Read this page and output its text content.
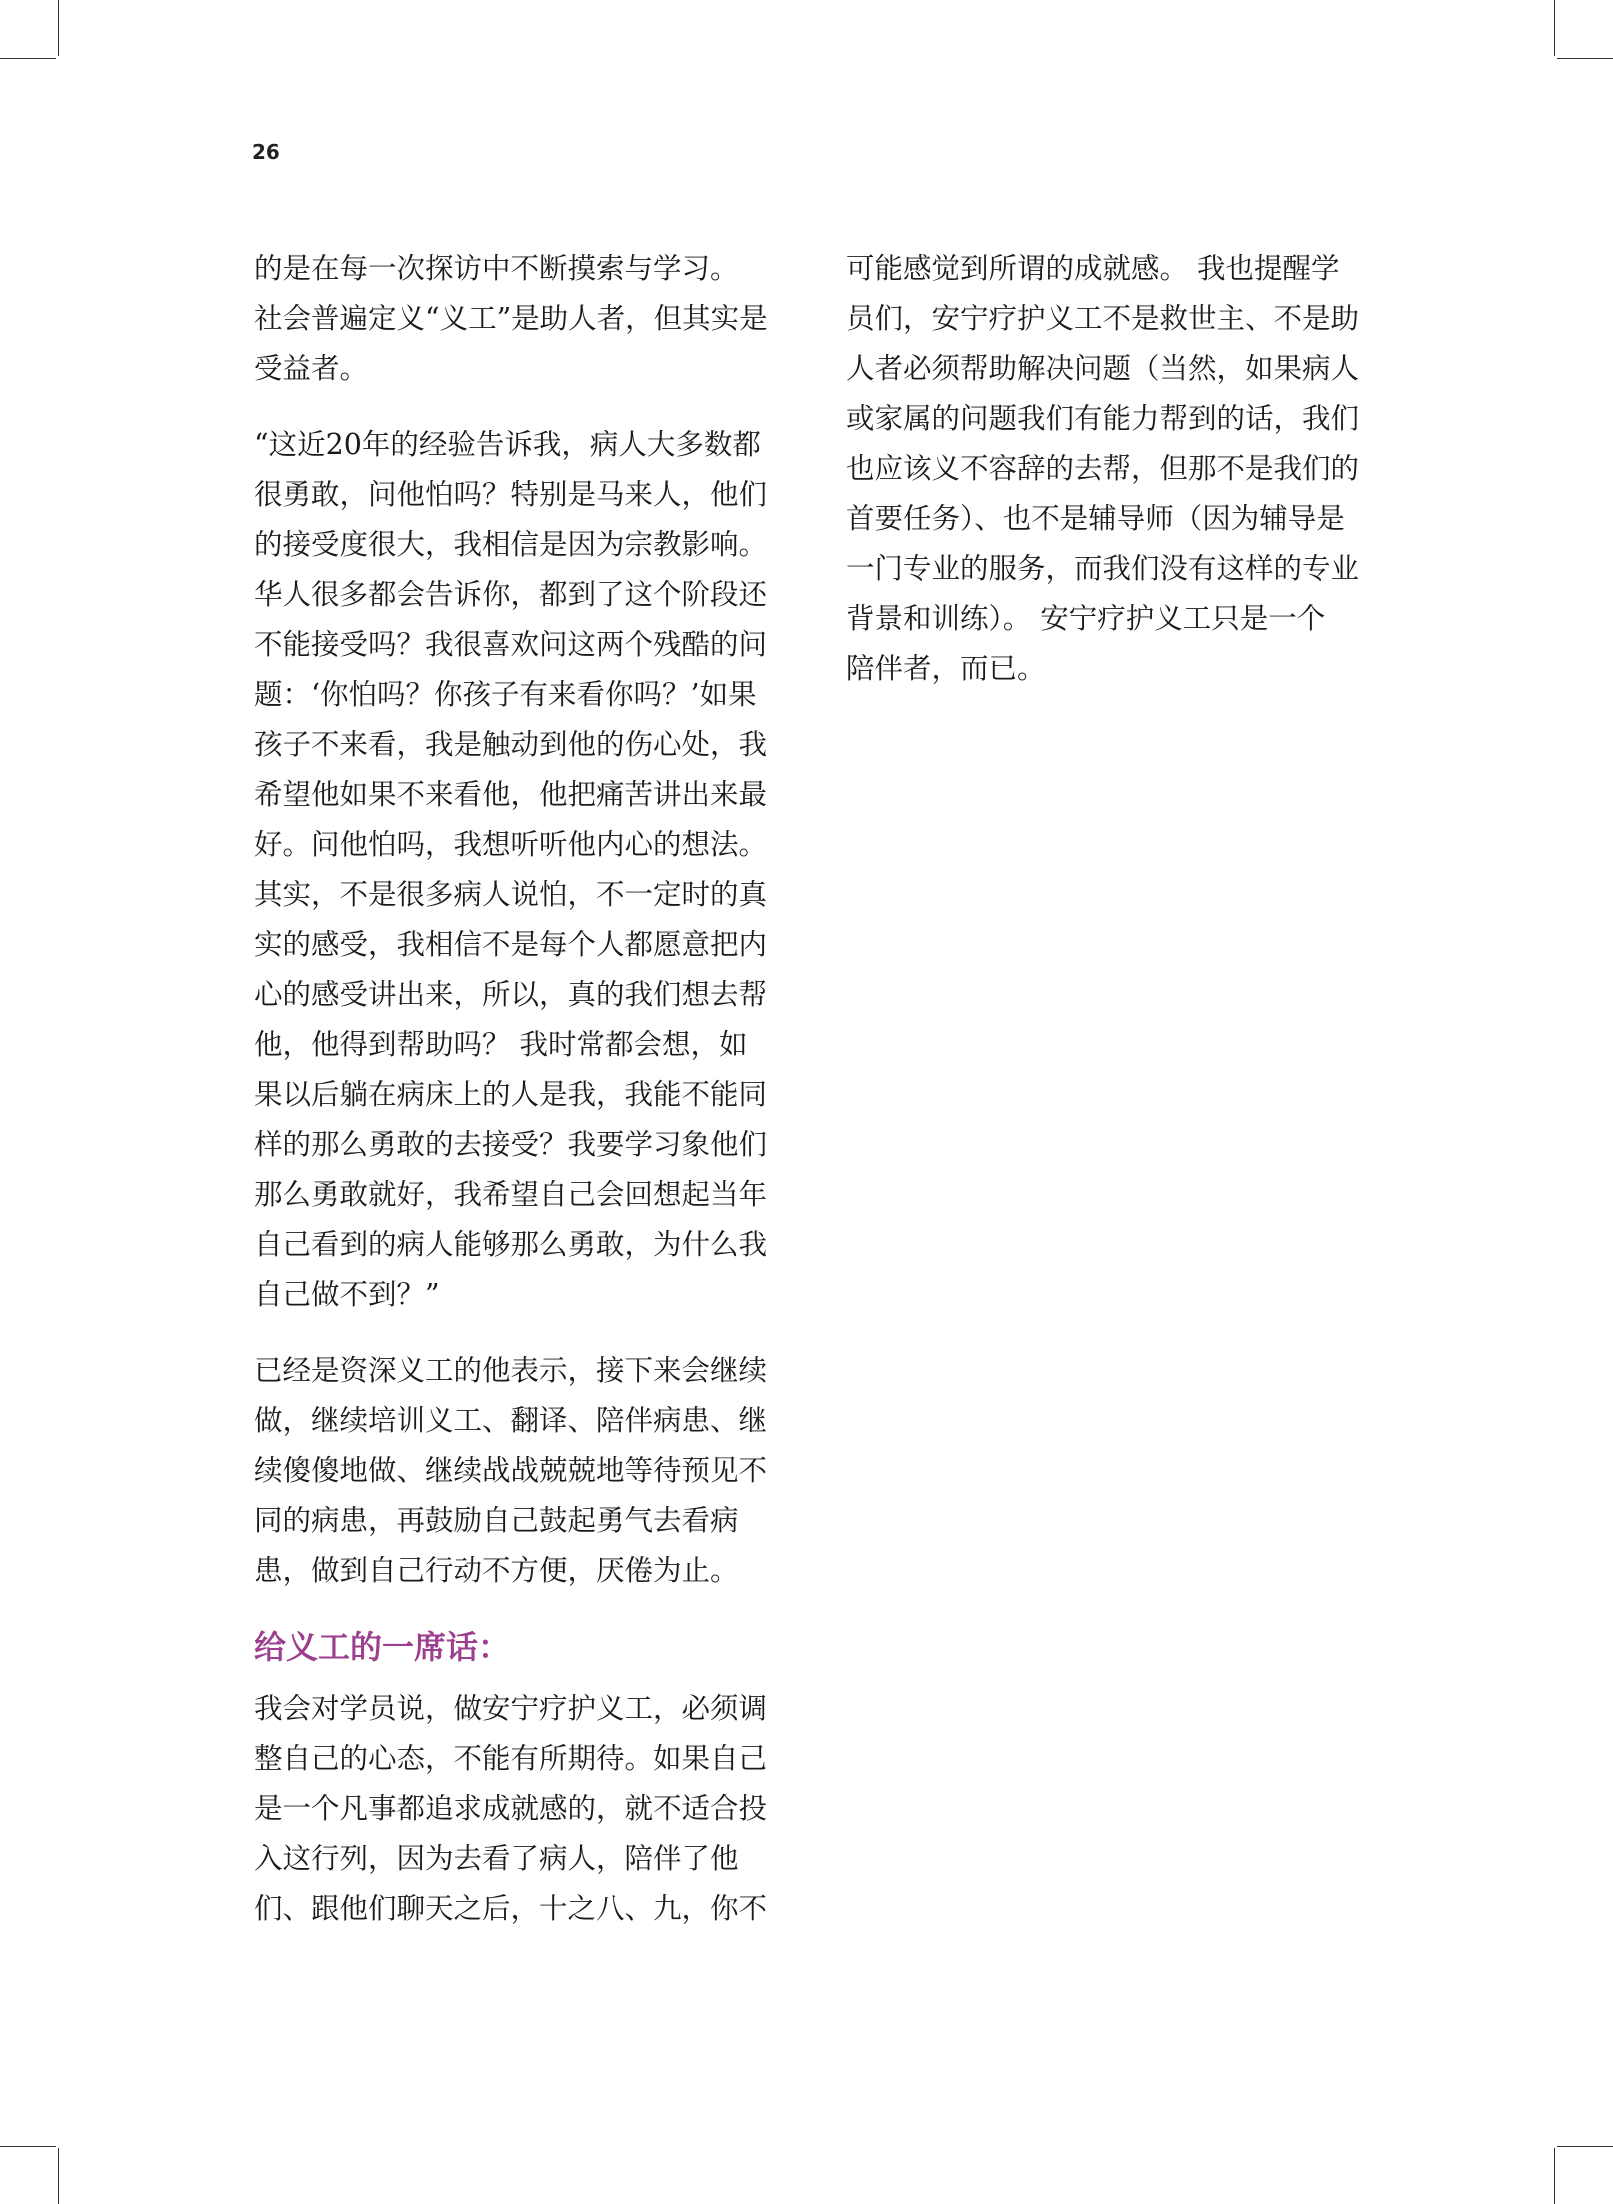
26
的是在每一次探访中不断摸索与学习。
社会普遍定义“义工”是助人者，但其实是
受益者。
“这近20年的经验告诉我，病人大多数都
很勇敢，问他怕吗？特别是马来人，他们
的接受度很大，我相信是因为宗教影响。
华人很多都会告诉你，都到了这个阶段还
不能接受吗？我很喜欢问这两个残酷的问
题：‘你怕吗？你孩子有来看你吗？’如果
孩子不来看，我是触动到他的伤心处，我
希望他如果不来看他，他把痛苦讲出来最
好。问他怕吗，我想听听他内心的想法。
其实，不是很多病人说怕，不一定时的真
实的感受，我相信不是每个人都愿意把内
心的感受讲出来，所以，真的我们想去帮
他，他得到帮助吗？ 我时常都会想，如
果以后躺在病床上的人是我，我能不能同
样的那么勇敢的去接受？我要学习象他们
那么勇敢就好，我希望自己会回想起当年
自己看到的病人能够那么勇敢，为什么我
自己做不到？”
已经是资深义工的他表示，接下来会继续
做，继续培训义工、翻译、陪伴病患、继
续傻傻地做、继续战战兢兢地等待预见不
同的病患，再鼓励自己鼓起勇气去看病
患，做到自己行动不方便，厌倦为止。
给义工的一席话：
我会对学员说，做安宁疗护义工，必须调
整自己的心态，不能有所期待。如果自己
是一个凡事都追求成就感的，就不适合投
入这行列，因为去看了病人，陪伴了他
们、跟他们聊天之后，十之八、九，你不
可能感觉到所谓的成就感。 我也提醒学
员们，安宁疗护义工不是救世主、不是助
人者必须帮助解决问题（当然，如果病人
或家属的问题我们有能力帮到的话，我们
也应该义不容辞的去帮，但那不是我们的
首要任务）、也不是辅导师（因为辅导是
一门专业的服务，而我们没有这样的专业
背景和训练）。 安宁疗护义工只是一个
陪伴者，而已。
